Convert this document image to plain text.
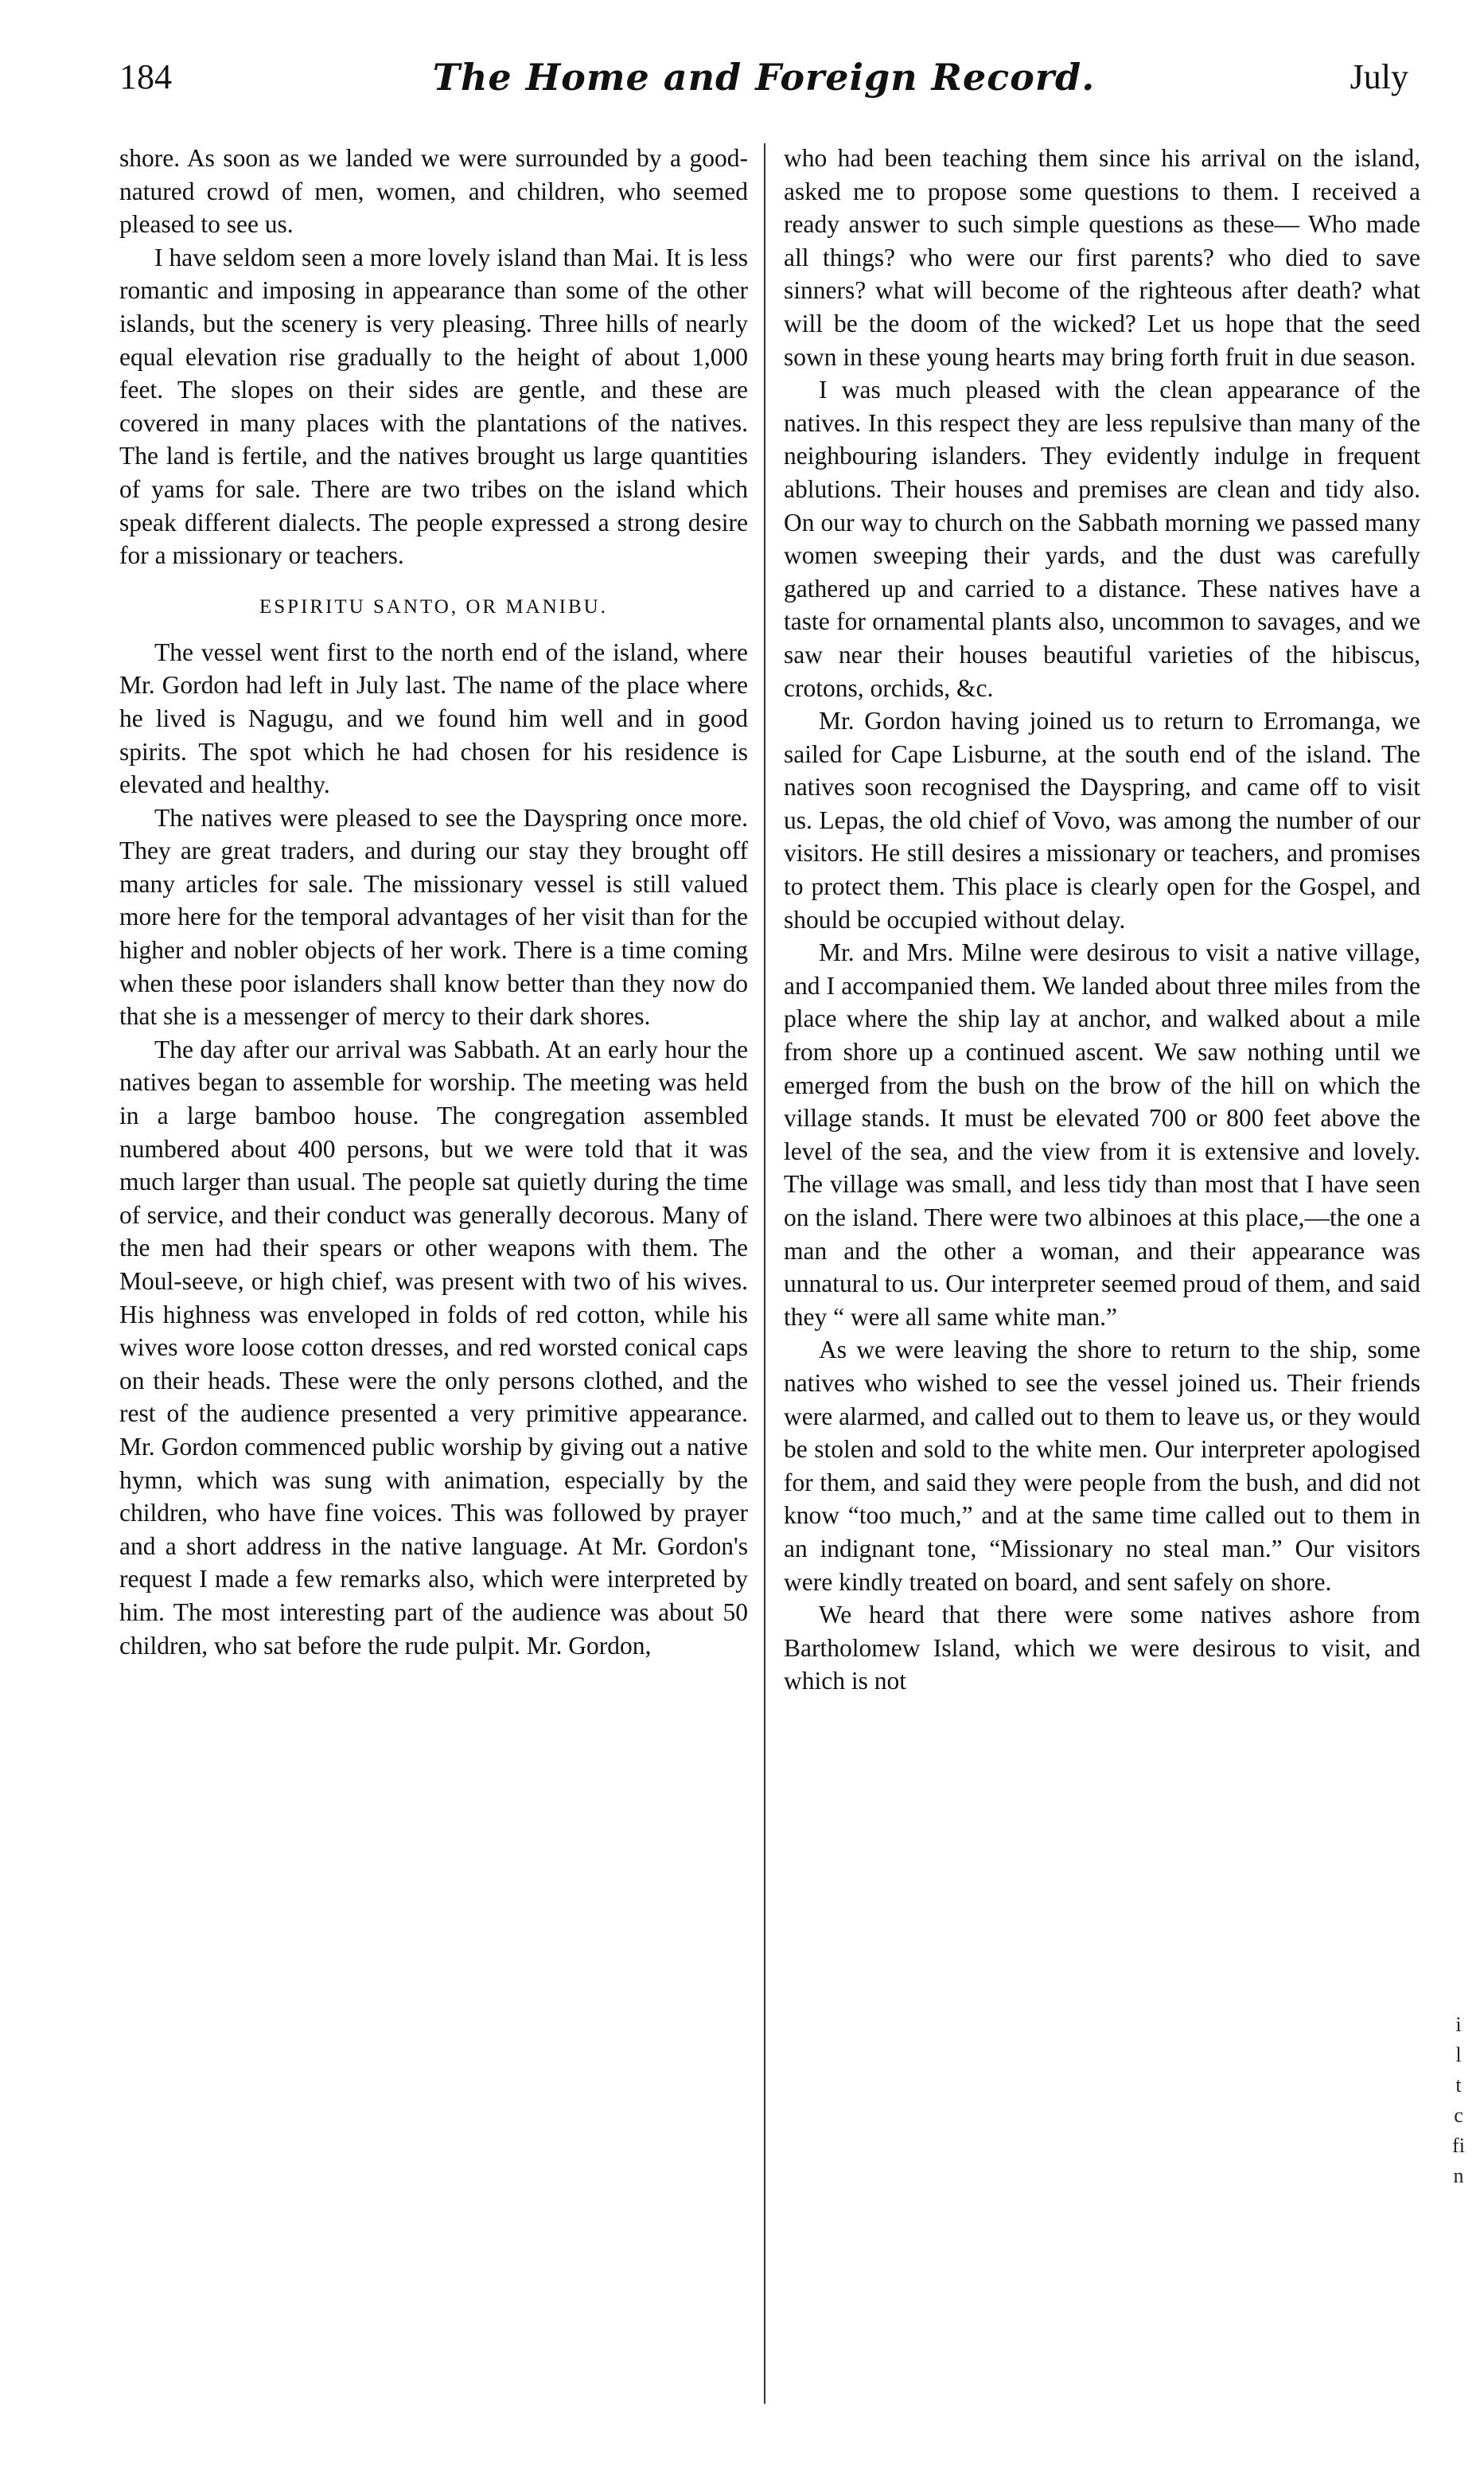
184	The Home and Foreign Record.	July

shore. As soon as we landed we were surrounded by a good-natured crowd of men, women, and children, who seemed pleased to see us.

I have seldom seen a more lovely island than Mai. It is less romantic and imposing in appearance than some of the other islands, but the scenery is very pleasing. Three hills of nearly equal elevation rise gradually to the height of about 1,000 feet. The slopes on their sides are gentle, and these are covered in many places with the plantations of the natives. The land is fertile, and the natives brought us large quantities of yams for sale. There are two tribes on the island which speak different dialects. The people expressed a strong desire for a missionary or teachers.

ESPIRITU SANTO, OR MANIBU.

The vessel went first to the north end of the island, where Mr. Gordon had left in July last. The name of the place where he lived is Nagugu, and we found him well and in good spirits. The spot which he had chosen for his residence is elevated and healthy.

The natives were pleased to see the Dayspring once more. They are great traders, and during our stay they brought off many articles for sale. The missionary vessel is still valued more here for the temporal advantages of her visit than for the higher and nobler objects of her work. There is a time coming when these poor islanders shall know better than they now do that she is a messenger of mercy to their dark shores.

The day after our arrival was Sabbath. At an early hour the natives began to assemble for worship. The meeting was held in a large bamboo house. The congregation assembled numbered about 400 persons, but we were told that it was much larger than usual. The people sat quietly during the time of service, and their conduct was generally decorous. Many of the men had their spears or other weapons with them. The Moul-seeve, or high chief, was present with two of his wives. His highness was enveloped in folds of red cotton, while his wives wore loose cotton dresses, and red worsted conical caps on their heads. These were the only persons clothed, and the rest of the audience presented a very primitive appearance. Mr. Gordon commenced public worship by giving out a native hymn, which was sung with animation, especially by the children, who have fine voices. This was followed by prayer and a short address in the native language. At Mr. Gordon's request I made a few remarks also, which were interpreted by him. The most interesting part of the audience was about 50 children, who sat before the rude pulpit. Mr. Gordon,

who had been teaching them since his arrival on the island, asked me to propose some questions to them. I received a ready answer to such simple questions as these— Who made all things? who were our first parents? who died to save sinners? what will become of the righteous after death? what will be the doom of the wicked? Let us hope that the seed sown in these young hearts may bring forth fruit in due season.

I was much pleased with the clean appearance of the natives. In this respect they are less repulsive than many of the neighbouring islanders. They evidently indulge in frequent ablutions. Their houses and premises are clean and tidy also. On our way to church on the Sabbath morning we passed many women sweeping their yards, and the dust was carefully gathered up and carried to a distance. These natives have a taste for ornamental plants also, uncommon to savages, and we saw near their houses beautiful varieties of the hibiscus, crotons, orchids, &c.

Mr. Gordon having joined us to return to Erromanga, we sailed for Cape Lisburne, at the south end of the island. The natives soon recognised the Dayspring, and came off to visit us. Lepas, the old chief of Vovo, was among the number of our visitors. He still desires a missionary or teachers, and promises to protect them. This place is clearly open for the Gospel, and should be occupied without delay.

Mr. and Mrs. Milne were desirous to visit a native village, and I accompanied them. We landed about three miles from the place where the ship lay at anchor, and walked about a mile from shore up a continued ascent. We saw nothing until we emerged from the bush on the brow of the hill on which the village stands. It must be elevated 700 or 800 feet above the level of the sea, and the view from it is extensive and lovely. The village was small, and less tidy than most that I have seen on the island. There were two albinoes at this place,—the one a man and the other a woman, and their appearance was unnatural to us. Our interpreter seemed proud of them, and said they “ were all same white man.”

As we were leaving the shore to return to the ship, some natives who wished to see the vessel joined us. Their friends were alarmed, and called out to them to leave us, or they would be stolen and sold to the white men. Our interpreter apologised for them, and said they were people from the bush, and did not know “too much,” and at the same time called out to them in an indignant tone, “Missionary no steal man.” Our visitors were kindly treated on board, and sent safely on shore.

We heard that there were some natives ashore from Bartholomew Island, which we were desirous to visit, and which is not

i
l
t
c
fi
n
